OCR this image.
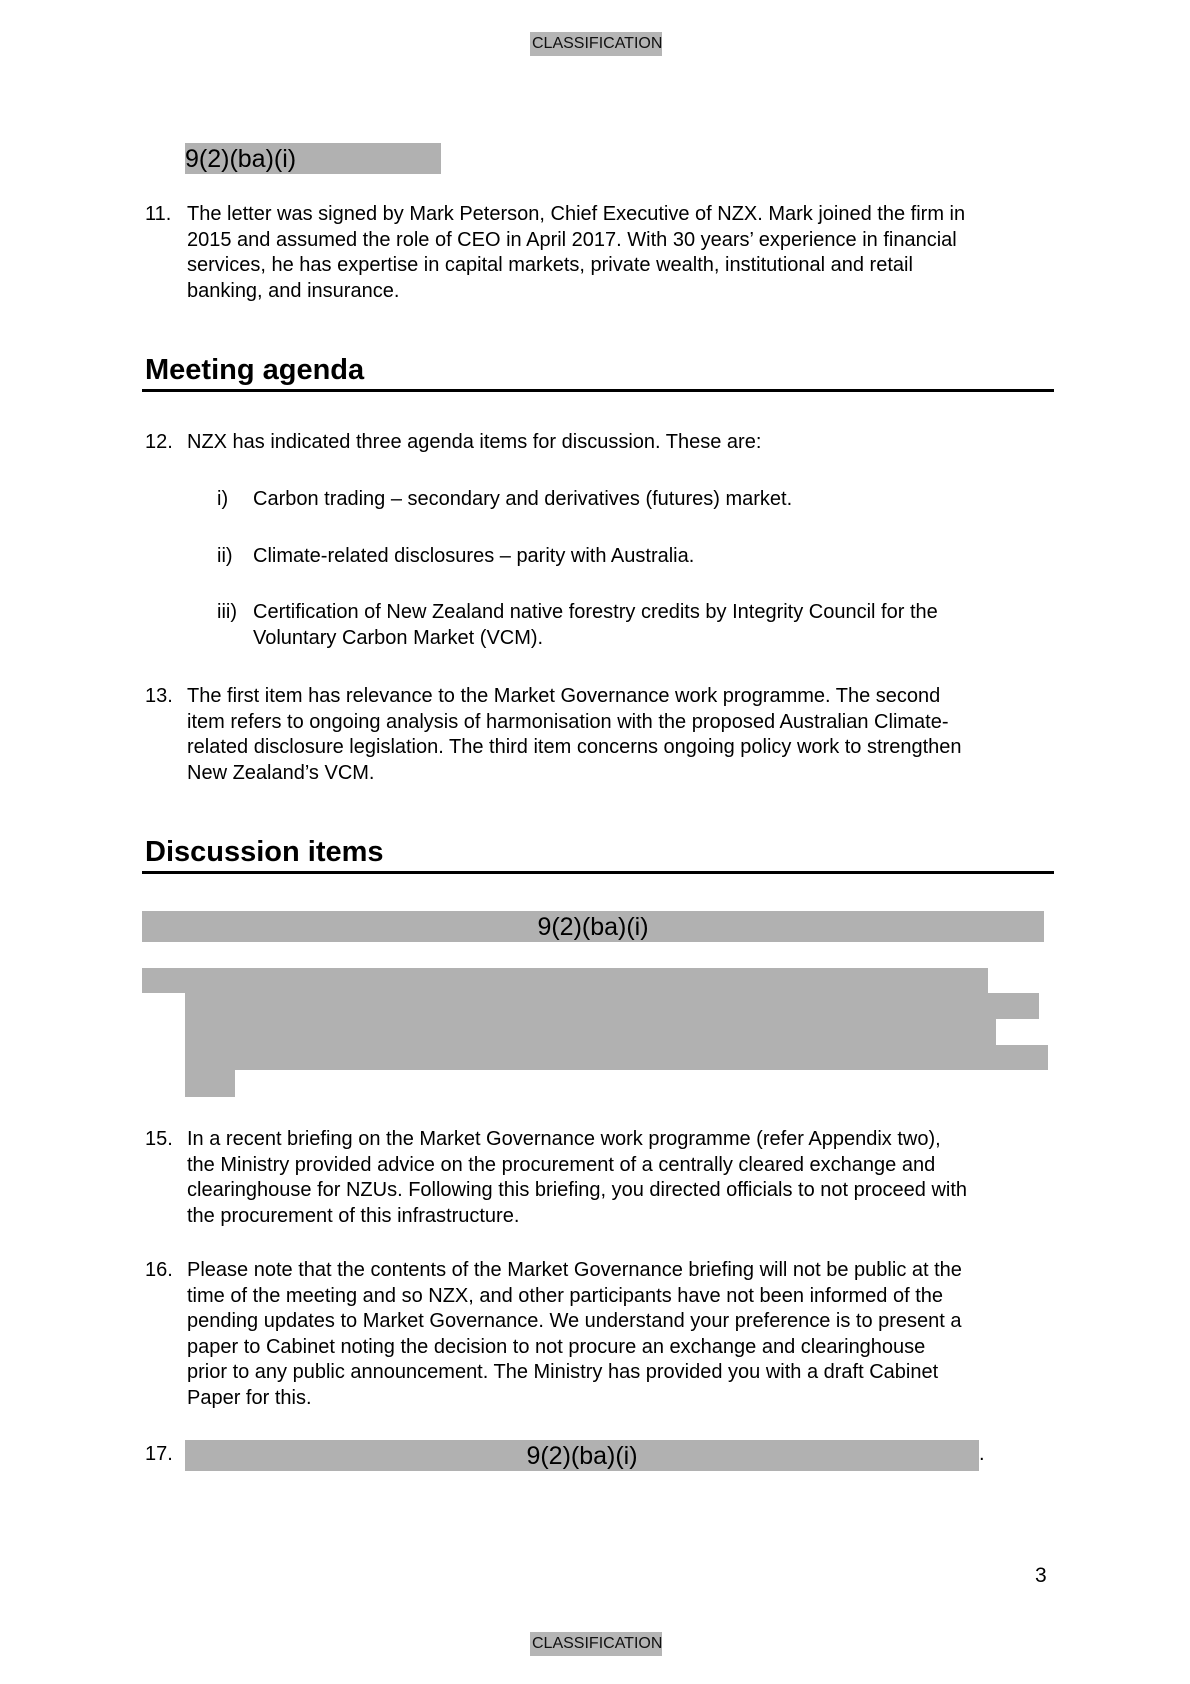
CLASSIFICATION
9(2)(ba)(i)
11. The letter was signed by Mark Peterson, Chief Executive of NZX. Mark joined the firm in
2015 and assumed the role of CEO in April 2017. With 30 years’ experience in financial
services, he has expertise in capital markets, private wealth, institutional and retail
banking, and insurance.
Meeting agenda
12. NZX has indicated three agenda items for discussion. These are:
i) Carbon trading – secondary and derivatives (futures) market.
ii) Climate-related disclosures – parity with Australia.
iii) Certification of New Zealand native forestry credits by Integrity Council for the
Voluntary Carbon Market (VCM).
13. The first item has relevance to the Market Governance work programme. The second
item refers to ongoing analysis of harmonisation with the proposed Australian Climate-
related disclosure legislation. The third item concerns ongoing policy work to strengthen
New Zealand’s VCM.
Discussion items
9(2)(ba)(i)
15. In a recent briefing on the Market Governance work programme (refer Appendix two),
the Ministry provided advice on the procurement of a centrally cleared exchange and
clearinghouse for NZUs. Following this briefing, you directed officials to not proceed with
the procurement of this infrastructure.
16. Please note that the contents of the Market Governance briefing will not be public at the
time of the meeting and so NZX, and other participants have not been informed of the
pending updates to Market Governance. We understand your preference is to present a
paper to Cabinet noting the decision to not procure an exchange and clearinghouse
prior to any public announcement. The Ministry has provided you with a draft Cabinet
Paper for this.
17.	9(2)(ba)(i)	.
3
CLASSIFICATION
